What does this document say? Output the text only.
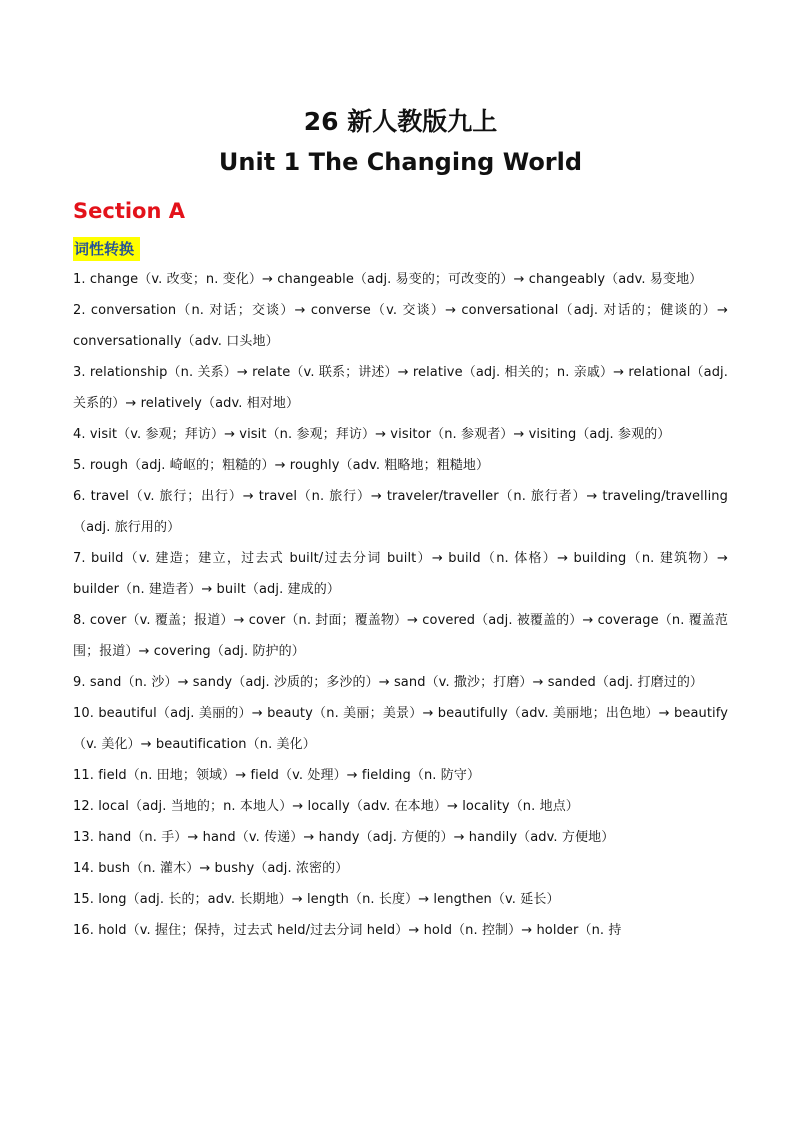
26 新人教版九上
Unit 1 The Changing World
Section A
词性转换
1. change（v. 改变；n. 变化）→ changeable（adj. 易变的；可改变的）→ changeably（adv. 易变地）
2. conversation（n. 对话；交谈）→ converse（v. 交谈）→ conversational（adj. 对话的；健谈的）→ conversationally（adv. 口头地）
3. relationship（n. 关系）→ relate（v. 联系；讲述）→ relative（adj. 相关的；n. 亲戚）→ relational（adj. 关系的）→ relatively（adv. 相对地）
4. visit（v. 参观；拜访）→ visit（n. 参观；拜访）→ visitor（n. 参观者）→ visiting（adj. 参观的）
5. rough（adj. 崎岖的；粗糙的）→ roughly（adv. 粗略地；粗糙地）
6. travel（v. 旅行；出行）→ travel（n. 旅行）→ traveler/traveller（n. 旅行者）→ traveling/travelling（adj. 旅行用的）
7. build（v. 建造；建立，过去式 built/过去分词 built）→ build（n. 体格）→ building（n. 建筑物）→ builder（n. 建造者）→ built（adj. 建成的）
8. cover（v. 覆盖；报道）→ cover（n. 封面；覆盖物）→ covered（adj. 被覆盖的）→ coverage（n. 覆盖范围；报道）→ covering（adj. 防护的）
9. sand（n. 沙）→ sandy（adj. 沙质的；多沙的）→ sand（v. 撒沙；打磨）→ sanded（adj. 打磨过的）
10. beautiful（adj. 美丽的）→ beauty（n. 美丽；美景）→ beautifully（adv. 美丽地；出色地）→ beautify（v. 美化）→ beautification（n. 美化）
11. field（n. 田地；领域）→ field（v. 处理）→ fielding（n. 防守）
12. local（adj. 当地的；n. 本地人）→ locally（adv. 在本地）→ locality（n. 地点）
13. hand（n. 手）→ hand（v. 传递）→ handy（adj. 方便的）→ handily（adv. 方便地）
14. bush（n. 灌木）→ bushy（adj. 浓密的）
15. long（adj. 长的；adv. 长期地）→ length（n. 长度）→ lengthen（v. 延长）
16. hold（v. 握住；保持，过去式 held/过去分词 held）→ hold（n. 控制）→ holder（n. 持
